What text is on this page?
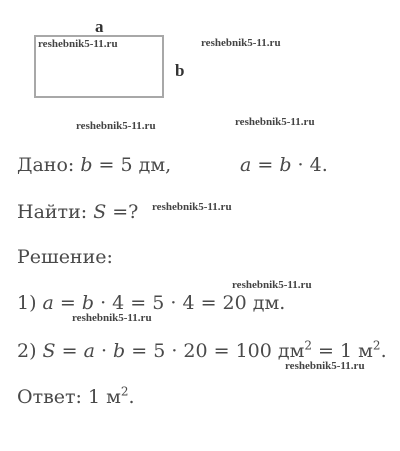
a
b
reshebnik5-11.ru	reshebnik5-11.ru
reshebnik5-11.ru	reshebnik5-11.ru
reshebnik5-11.ru
reshebnik5-11.ru
reshebnik5-11.ru
reshebnik5-11.ru
Дано: b = 5 дм,	a = b · 4.
Найти: S =?
Решение:
1) a = b · 4 = 5 · 4 = 20 дм.
2) S = a · b = 5 · 20 = 100 $дм^2 = 1$ $м^2$.
Ответ: 1 $м^2$.
